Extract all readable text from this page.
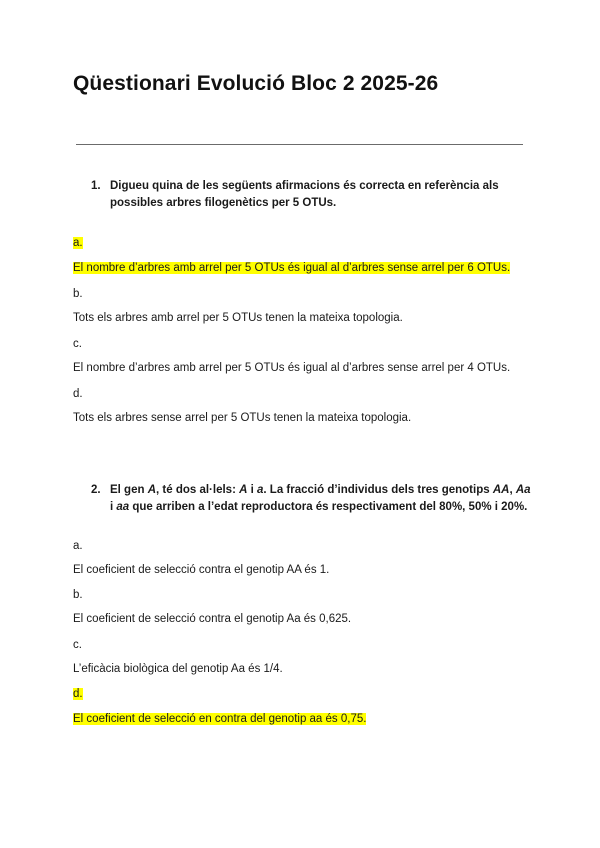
Qüestionari Evolució Bloc 2 2025-26
1. Digueu quina de les següents afirmacions és correcta en referència als possibles arbres filogenètics per 5 OTUs.
a.
El nombre d’arbres amb arrel per 5 OTUs és igual al d’arbres sense arrel per 6 OTUs.
b.
Tots els arbres amb arrel per 5 OTUs tenen la mateixa topologia.
c.
El nombre d’arbres amb arrel per 5 OTUs és igual al d’arbres sense arrel per 4 OTUs.
d.
Tots els arbres sense arrel per 5 OTUs tenen la mateixa topologia.
2. El gen A, té dos al·lels: A i a. La fracció d’individus dels tres genotips AA, Aa i aa que arriben a l’edat reproductora és respectivament del 80%, 50% i 20%.
a.
El coeficient de selecció contra el genotip AA és 1.
b.
El coeficient de selecció contra el genotip Aa és 0,625.
c.
L’eficàcia biològica del genotip Aa és 1/4.
d.
El coeficient de selecció en contra del genotip aa és 0,75.
